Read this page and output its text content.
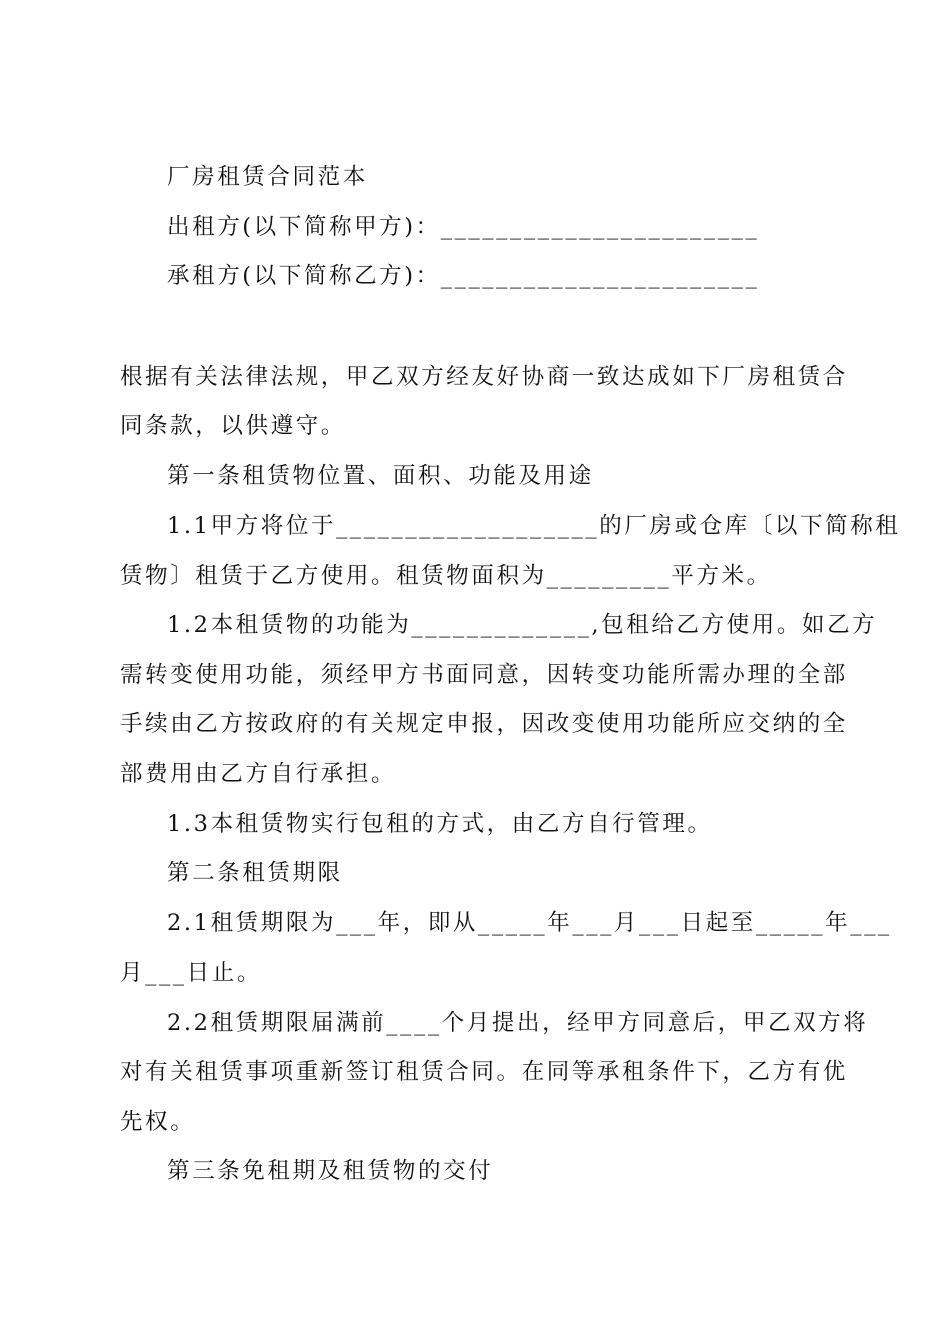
厂房租赁合同范本
出租方(以下简称甲方)：_______________________
承租方(以下简称乙方)：_______________________
根据有关法律法规，甲乙双方经友好协商一致达成如下厂房租赁合
同条款，以供遵守。
第一条租赁物位置、面积、功能及用途
1.1甲方将位于___________________的厂房或仓库〔以下简称租
赁物〕租赁于乙方使用。租赁物面积为_________平方米。
1.2本租赁物的功能为_____________,包租给乙方使用。如乙方
需转变使用功能，须经甲方书面同意，因转变功能所需办理的全部
手续由乙方按政府的有关规定申报，因改变使用功能所应交纳的全
部费用由乙方自行承担。
1.3本租赁物实行包租的方式，由乙方自行管理。
第二条租赁期限
2.1租赁期限为___年，即从_____年___月___日起至_____年___
月___日止。
2.2租赁期限届满前____个月提出，经甲方同意后，甲乙双方将
对有关租赁事项重新签订租赁合同。在同等承租条件下，乙方有优
先权。
第三条免租期及租赁物的交付
